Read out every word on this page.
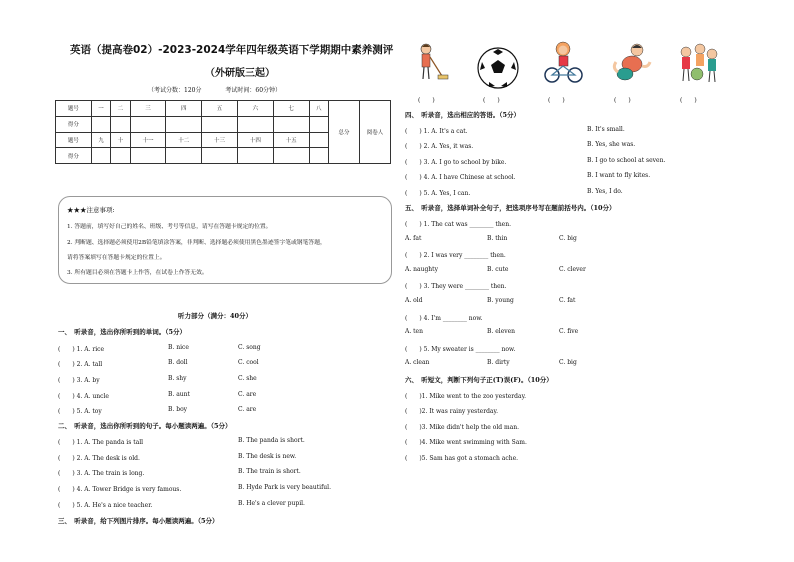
英语（提高卷02）-2023-2024学年四年级英语下学期期中素养测评
（外研版三起）
（考试分数：120分	考试时间：60分钟）
题号	一	二	三	四	五	六	七	八	总分	阅卷人
得分										
题号	九	十	十一	十二	十三	十四	十五			
得分										
★★★注意事项:
1. 答题前，填写好自己的姓名、班级、考号等信息，请写在答题卡规定的位置。
2. 判断题、选择题必须使用2B铅笔填涂答案，非判断、选择题必须使用黑色墨迹签字笔或钢笔答题，
请将答案填写在答题卡规定的位置上。
3. 所有题目必须在答题卡上作答，在试卷上作答无效。
听力部分（满分：40分）
一、　听录音，选出你所听到的单词。（5分）
(　　) 1. A. rice	B. nice	C. song
(　　) 2. A. tall	B. doll	C. cool
(　　) 3. A. by	B. shy	C. she
(　　) 4. A. uncle	B. aunt	C. are
(　　) 5. A. toy	B. boy	C. are
二、　听录音，选出你所听到的句子。每小题读两遍。（5分）
(　　) 1. A. The panda is tall	B. The panda is short.
(　　) 2. A. The desk is old.	B. The desk is new.
(　　) 3. A. The train is long.	B. The train is short.
(　　) 4. A. Tower Bridge is very famous.	B. Hyde Park is very beautiful.
(　　) 5. A. He's a nice teacher.	B. He's a clever pupil.
三、　听录音，给下列图片排序。每小题读两遍。（5分）
(　　)	(　　)	(　　)	(　　)	(　　)
四、　听录音，选出相应的答语。（5分）
(　　) 1. A. It's a cat.	B. It's small.
(　　) 2. A. Yes, it was.	B. Yes, she was.
(　　) 3. A. I go to school by bike.	B. I go to school at seven.
(　　) 4. A. I have Chinese at school.	B. I want to fly kites.
(　　) 5. A. Yes, I can.	B. Yes, I do.
五、　听录音，选择单词补全句子，把选项序号写在题前括号内。（10分）
(　　) 1. The cat was ________ then.
A. fat	B. thin	C. big
(　　) 2. I was very ________ then.
A. naughty	B. cute	C. clever
(　　) 3. They were ________ then.
A. old	B. young	C. fat
(　　) 4. I'm ________ now.
A. ten	B. eleven	C. five
(　　) 5. My sweater is ________ now.
A. clean	B. dirty	C. big
六、　听短文，判断下列句子正(T)误(F)。（10分）
(　　)1. Mike went to the zoo yesterday.
(　　)2. It was rainy yesterday.
(　　)3. Mike didn't help the old man.
(　　)4. Mike went swimming with Sam.
(　　)5. Sam has got a stomach ache.
